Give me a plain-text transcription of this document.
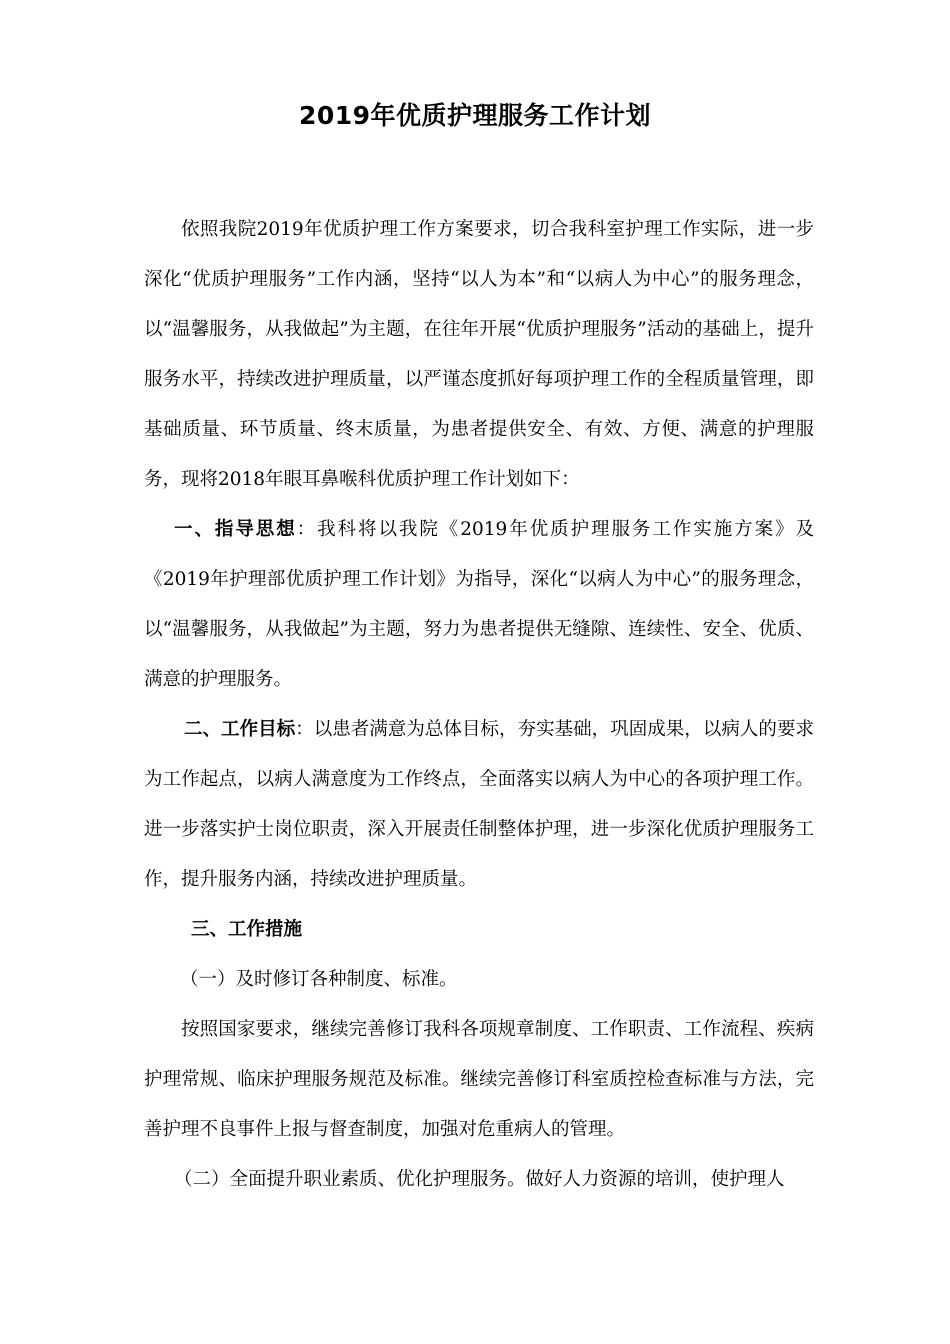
2019年优质护理服务工作计划

依照我院2019年优质护理工作方案要求，切合我科室护理工作实际，进一步深化“优质护理服务”工作内涵，坚持“以人为本”和“以病人为中心”的服务理念，以“温馨服务，从我做起”为主题，在往年开展“优质护理服务”活动的基础上，提升服务水平，持续改进护理质量，以严谨态度抓好每项护理工作的全程质量管理，即基础质量、环节质量、终末质量，为患者提供安全、有效、方便、满意的护理服务，现将2018年眼耳鼻喉科优质护理工作计划如下：

一、指导思想：我科将以我院《2019年优质护理服务工作实施方案》及《2019年护理部优质护理工作计划》为指导，深化“以病人为中心”的服务理念，以“温馨服务，从我做起”为主题，努力为患者提供无缝隙、连续性、安全、优质、满意的护理服务。

二、工作目标：以患者满意为总体目标，夯实基础，巩固成果，以病人的要求为工作起点，以病人满意度为工作终点，全面落实以病人为中心的各项护理工作。进一步落实护士岗位职责，深入开展责任制整体护理，进一步深化优质护理服务工作，提升服务内涵，持续改进护理质量。

三、工作措施

（一）及时修订各种制度、标准。

按照国家要求，继续完善修订我科各项规章制度、工作职责、工作流程、疾病护理常规、临床护理服务规范及标准。继续完善修订科室质控检查标准与方法，完善护理不良事件上报与督查制度，加强对危重病人的管理。

（二）全面提升职业素质、优化护理服务。做好人力资源的培训，使护理人
